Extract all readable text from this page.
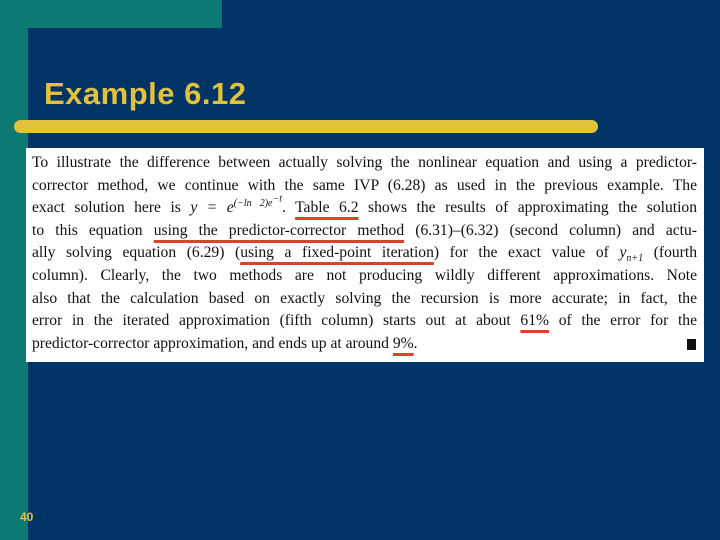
Example 6.12
To illustrate the difference between actually solving the nonlinear equation and using a predictor-
corrector method, we continue with the same IVP (6.28) as used in the previous example. The
exact solution here is $y = e^{(-ln 2)e^{-t}}$. Table 6.2 shows the results of approximating the solution
to this equation using the predictor-corrector method (6.31)–(6.32) (second column) and actu-
ally solving equation (6.29) (using a fixed-point iteration) for the exact value of $y_{n+1}$ (fourth
column). Clearly, the two methods are not producing wildly different approximations. Note
also that the calculation based on exactly solving the recursion is more accurate; in fact, the
error in the iterated approximation (fifth column) starts out at about 61% of the error for the
predictor-corrector approximation, and ends up at around 9%.
40
